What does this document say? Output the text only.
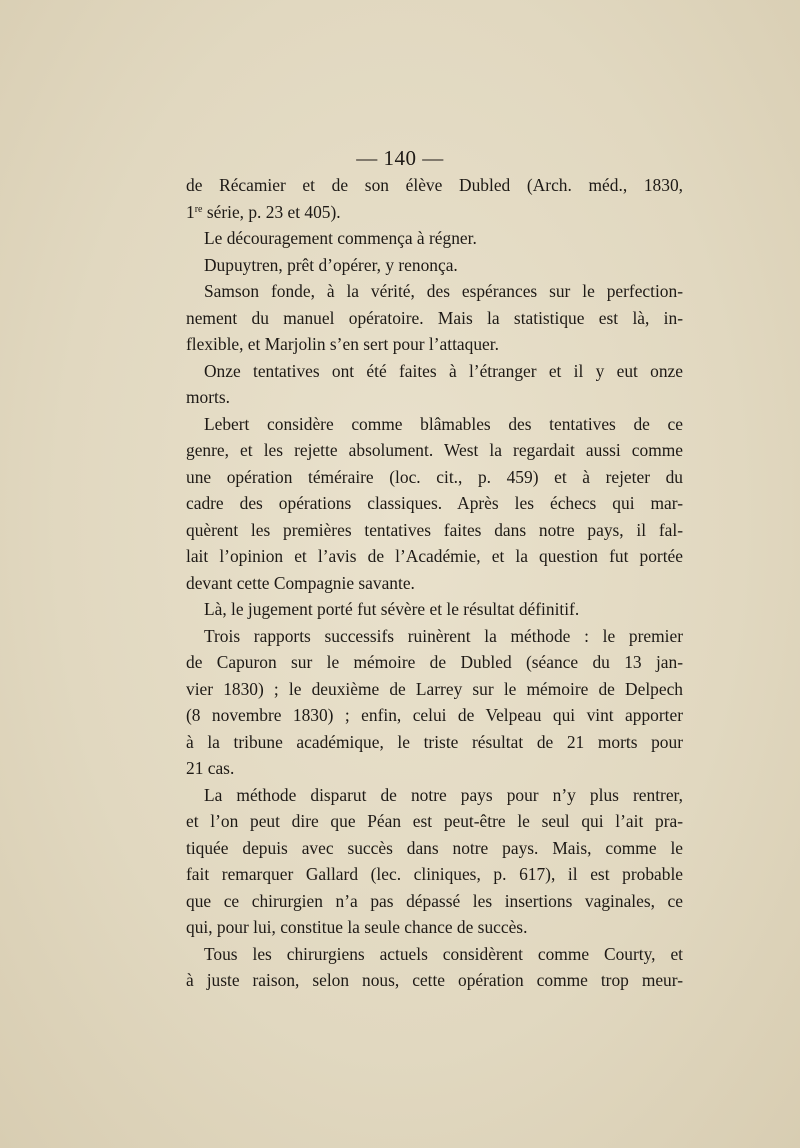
— 140 —
de Récamier et de son élève Dubled (Arch. méd., 1830,
1re série, p. 23 et 405).
Le découragement commença à régner.
Dupuytren, prêt d’opérer, y renonça.
Samson fonde, à la vérité, des espérances sur le perfection-
nement du manuel opératoire. Mais la statistique est là, in-
flexible, et Marjolin s’en sert pour l’attaquer.
Onze tentatives ont été faites à l’étranger et il y eut onze
morts.
Lebert considère comme blâmables des tentatives de ce
genre, et les rejette absolument. West la regardait aussi comme
une opération téméraire (loc. cit., p. 459) et à rejeter du
cadre des opérations classiques. Après les échecs qui mar-
quèrent les premières tentatives faites dans notre pays, il fal-
lait l’opinion et l’avis de l’Académie, et la question fut portée
devant cette Compagnie savante.
Là, le jugement porté fut sévère et le résultat définitif.
Trois rapports successifs ruinèrent la méthode : le premier
de Capuron sur le mémoire de Dubled (séance du 13 jan-
vier 1830) ; le deuxième de Larrey sur le mémoire de Delpech
(8 novembre 1830) ; enfin, celui de Velpeau qui vint apporter
à la tribune académique, le triste résultat de 21 morts pour
21 cas.
La méthode disparut de notre pays pour n’y plus rentrer,
et l’on peut dire que Péan est peut-être le seul qui l’ait pra-
tiquée depuis avec succès dans notre pays. Mais, comme le
fait remarquer Gallard (lec. cliniques, p. 617), il est probable
que ce chirurgien n’a pas dépassé les insertions vaginales, ce
qui, pour lui, constitue la seule chance de succès.
Tous les chirurgiens actuels considèrent comme Courty, et
à juste raison, selon nous, cette opération comme trop meur-
